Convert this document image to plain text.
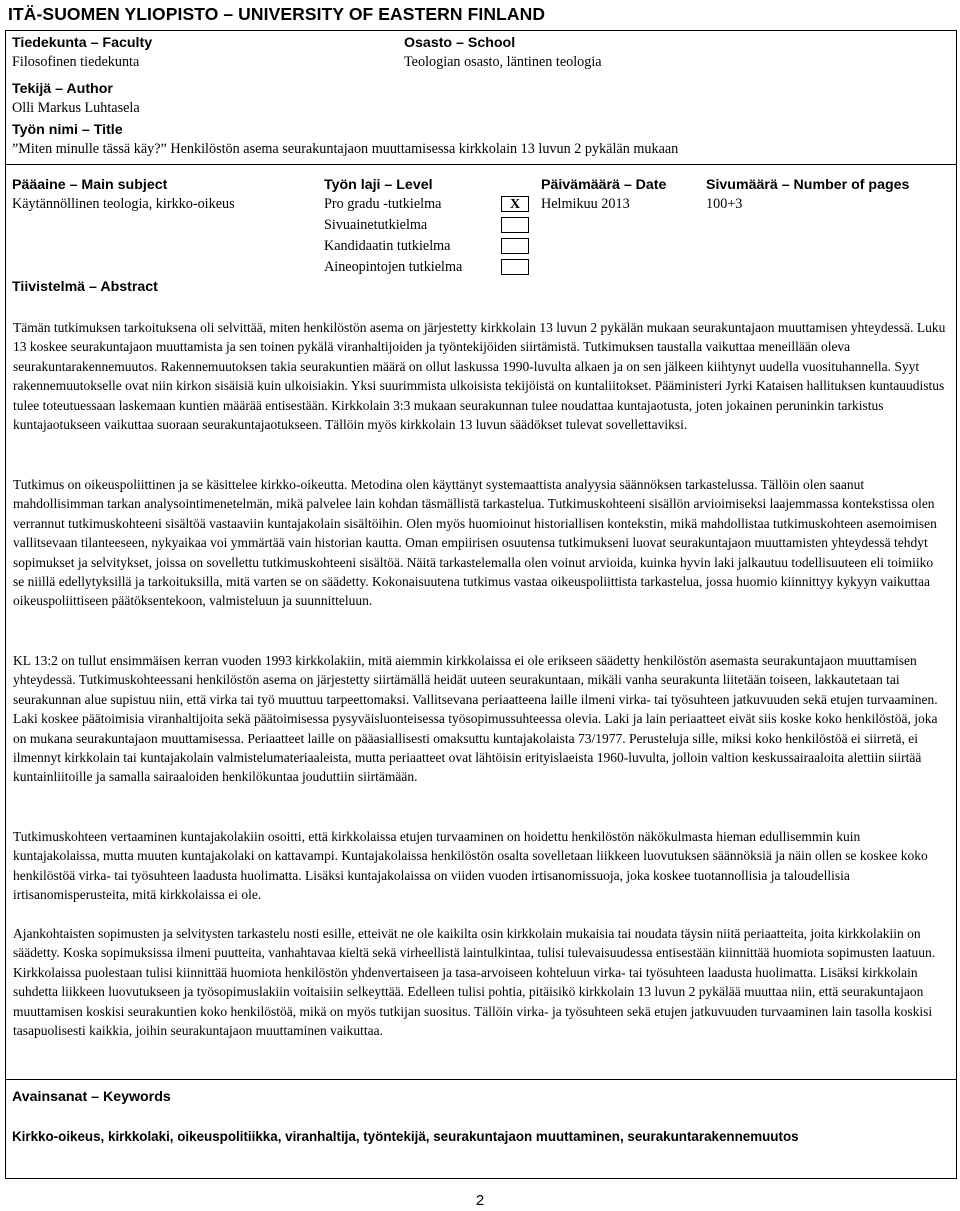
ITÄ-SUOMEN YLIOPISTO – UNIVERSITY OF EASTERN FINLAND
Tiedekunta – Faculty
Filosofinen tiedekunta
Osasto – School
Teologian osasto, läntinen teologia
Tekijä – Author
Olli Markus Luhtasela
Työn nimi – Title
”Miten minulle tässä käy?” Henkilöstön asema seurakuntajaon muuttamisessa kirkkolain 13 luvun 2 pykälän mukaan
Pääaine – Main subject
Käytännöllinen teologia, kirkko-oikeus
Työn laji – Level
Pro gradu -tutkielma
Sivuainetutkielma
Kandidaatin tutkielma
Aineopintojen tutkielma
X
Päivämäärä – Date
Helmikuu 2013
Sivumäärä – Number of pages
100+3
Tiivistelmä – Abstract
Tämän tutkimuksen tarkoituksena oli selvittää, miten henkilöstön asema on järjestetty kirkkolain 13 luvun 2 pykälän mukaan seurakuntajaon muuttamisen yhteydessä. Luku 13 koskee seurakuntajaon muuttamista ja sen toinen pykälä viranhaltijoiden ja työntekijöiden siirtämistä. Tutkimuksen taustalla vaikuttaa meneillään oleva seurakuntarakennemuutos. Rakennemuutoksen takia seurakuntien määrä on ollut laskussa 1990-luvulta alkaen ja on sen jälkeen kiihtynyt uudella vuosituhannella. Syyt rakennemuutokselle ovat niin kirkon sisäisiä kuin ulkoisiakin. Yksi suurimmista ulkoisista tekijöistä on kuntaliitokset. Pääministeri Jyrki Kataisen hallituksen kuntauudistus tulee toteutuessaan laskemaan kuntien määrää entisestään. Kirkkolain 3:3 mukaan seurakunnan tulee noudattaa kuntajaotusta, joten jokainen peruninkin tarkistus kuntajaotukseen vaikuttaa suoraan seurakuntajaotukseen. Tällöin myös kirkkolain 13 luvun säädökset tulevat sovellettaviksi.
Tutkimus on oikeuspoliittinen ja se käsittelee kirkko-oikeutta. Metodina olen käyttänyt systemaattista analyysia säännöksen tarkastelussa. Tällöin olen saanut mahdollisimman tarkan analysointimenetelmän, mikä palvelee lain kohdan täsmällistä tarkastelua. Tutkimuskohteeni sisällön arvioimiseksi laajemmassa kontekstissa olen verrannut tutkimuskohteeni sisältöä vastaaviin kuntajakolain sisältöihin. Olen myös huomioinut historiallisen kontekstin, mikä mahdollistaa tutkimuskohteen asemoimisen vallitsevaan tilanteeseen, nykyaikaa voi ymmärtää vain historian kautta. Oman empiirisen osuutensa tutkimukseni luovat seurakuntajaon muuttamisten yhteydessä tehdyt sopimukset ja selvitykset, joissa on sovellettu tutkimuskohteeni sisältöä. Näitä tarkastelemalla olen voinut arvioida, kuinka hyvin laki jalkautuu todellisuuteen eli toimiiko se niillä edellytyksillä ja tarkoituksilla, mitä varten se on säädetty. Kokonaisuutena tutkimus vastaa oikeuspoliittista tarkastelua, jossa huomio kiinnittyy kykyyn vaikuttaa oikeuspoliittiseen päätöksentekoon, valmisteluun ja suunnitteluun.
KL 13:2 on tullut ensimmäisen kerran vuoden 1993 kirkkolakiin, mitä aiemmin kirkkolaissa ei ole erikseen säädetty henkilöstön asemasta seurakuntajaon muuttamisen yhteydessä. Tutkimuskohteessani henkilöstön asema on järjestetty siirtämällä heidät uuteen seurakuntaan, mikäli vanha seurakunta liitetään toiseen, lakkautetaan tai seurakunnan alue supistuu niin, että virka tai työ muuttuu tarpeettomaksi. Vallitsevana periaatteena laille ilmeni virka- tai työsuhteen jatkuvuuden sekä etujen turvaaminen. Laki koskee päätoimisia viranhaltijoita sekä päätoimisessa pysyväisluonteisessa työsopimussuhteessa olevia. Laki ja lain periaatteet eivät siis koske koko henkilöstöä, joka on mukana seurakuntajaon muuttamisessa. Periaatteet laille on pääasiallisesti omaksuttu kuntajakolaista 73/1977. Perusteluja sille, miksi koko henkilöstöä ei siirretä, ei ilmennyt kirkkolain tai kuntajakolain valmistelumateriaaleista, mutta periaatteet ovat lähtöisin erityislaeista 1960-luvulta, jolloin valtion keskussairaaloita alettiin siirtää kuntainliitoille ja samalla sairaaloiden henkilökuntaa jouduttiin siirtämään.
Tutkimuskohteen vertaaminen kuntajakolakiin osoitti, että kirkkolaissa etujen turvaaminen on hoidettu henkilöstön näkökulmasta hieman edullisemmin kuin kuntajakolaissa, mutta muuten kuntajakolaki on kattavampi. Kuntajakolaissa henkilöstön osalta sovelletaan liikkeen luovutuksen säännöksiä ja näin ollen se koskee koko henkilöstöä virka- tai työsuhteen laadusta huolimatta. Lisäksi kuntajakolaissa on viiden vuoden irtisanomissuoja, joka koskee tuotannollisia ja taloudellisia irtisanomisperusteita, mitä kirkkolaissa ei ole.
Ajankohtaisten sopimusten ja selvitysten tarkastelu nosti esille, etteivät ne ole kaikilta osin kirkkolain mukaisia tai noudata täysin niitä periaatteita, joita kirkkolakiin on säädetty. Koska sopimuksissa ilmeni puutteita, vanhahtavaa kieltä sekä virheellistä laintulkintaa, tulisi tulevaisuudessa entisestään kiinnittää huomiota sopimusten laatuun. Kirkkolaissa puolestaan tulisi kiinnittää huomiota henkilöstön yhdenvertaiseen ja tasa-arvoiseen kohteluun virka- tai työsuhteen laadusta huolimatta. Lisäksi kirkkolain suhdetta liikkeen luovutukseen ja työsopimuslakiin voitaisiin selkeyttää. Edelleen tulisi pohtia, pitäisikö kirkkolain 13 luvun 2 pykälää muuttaa niin, että seurakuntajaon muuttamisen koskisi seurakuntien koko henkilöstöä, mikä on myös tutkijan suositus. Tällöin virka- ja työsuhteen sekä etujen jatkuvuuden turvaaminen lain tasolla koskisi tasapuolisesti kaikkia, joihin seurakuntajaon muuttaminen vaikuttaa.
Avainsanat – Keywords
Kirkko-oikeus, kirkkolaki, oikeuspolitiikka, viranhaltija, työntekijä, seurakuntajaon muuttaminen, seurakuntarakennemuutos
2
